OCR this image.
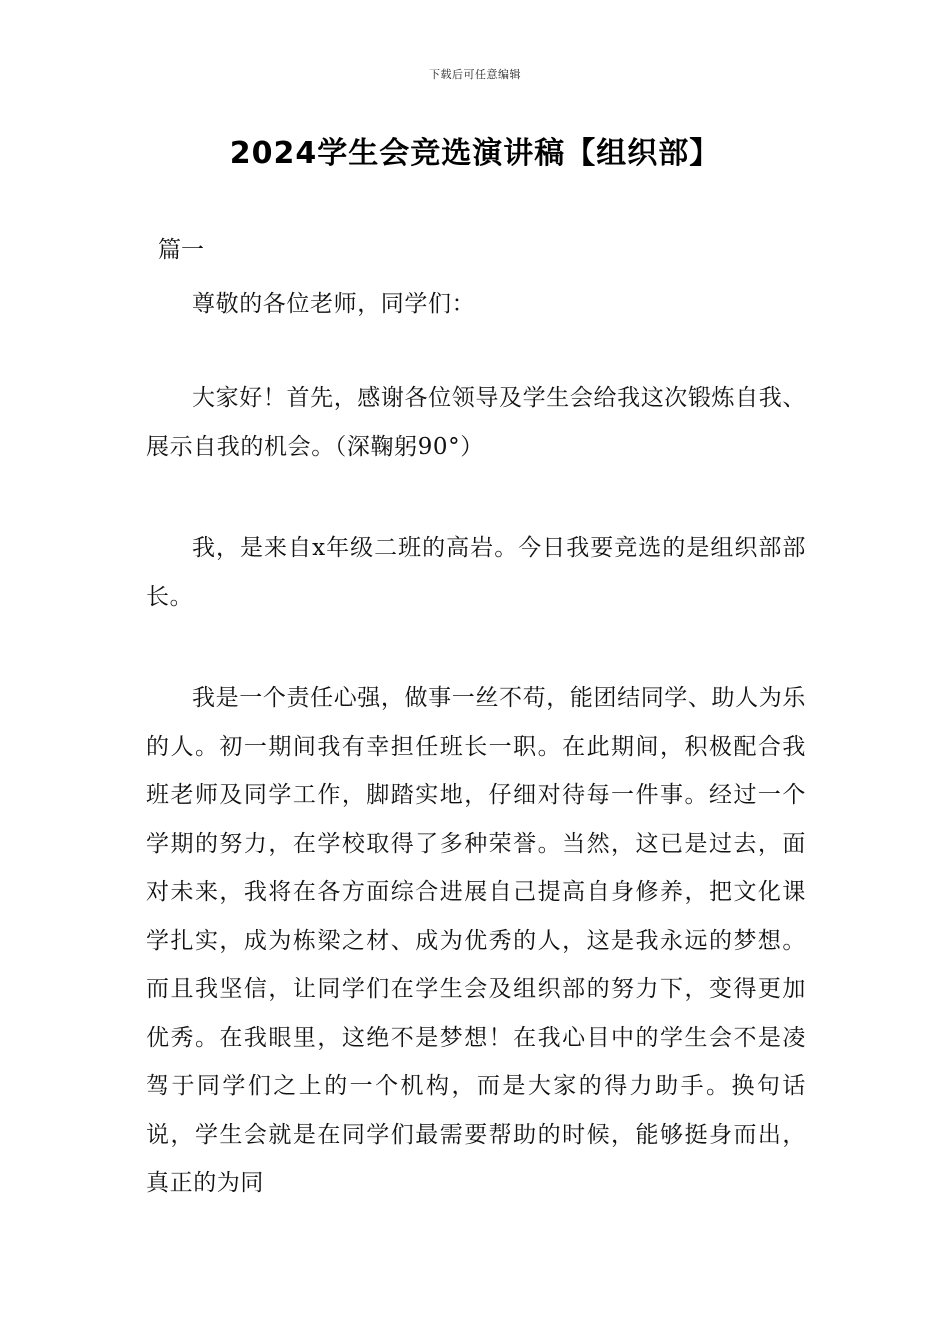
下载后可任意编辑
2024学生会竞选演讲稿【组织部】
篇一
尊敬的各位老师，同学们：
大家好！首先，感谢各位领导及学生会给我这次锻炼自我、展示自我的机会。（深鞠躬90°）
我，是来自x年级二班的高岩。今日我要竞选的是组织部部长。
我是一个责任心强，做事一丝不苟，能团结同学、助人为乐的人。初一期间我有幸担任班长一职。在此期间，积极配合我班老师及同学工作，脚踏实地，仔细对待每一件事。经过一个学期的努力，在学校取得了多种荣誉。当然，这已是过去，面对未来，我将在各方面综合进展自己提高自身修养，把文化课学扎实，成为栋梁之材、成为优秀的人，这是我永远的梦想。而且我坚信，让同学们在学生会及组织部的努力下，变得更加优秀。在我眼里，这绝不是梦想！在我心目中的学生会不是凌驾于同学们之上的一个机构，而是大家的得力助手。换句话说，学生会就是在同学们最需要帮助的时候，能够挺身而出，真正的为同
